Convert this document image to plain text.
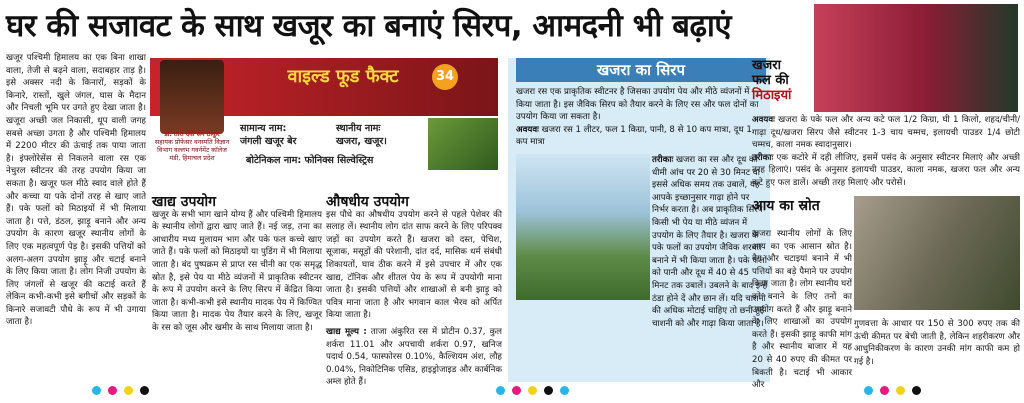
घर की सजावट के साथ खजूर का बनाएं सिरप, आमदनी भी बढ़ाएं
खजूर पश्चिमी हिमालय का एक बिना शाखा वाला, तेजी से बढ़ने वाला, सदाबहार ताड़ है। इसे अक्सर नदी के किनारों, सड़कों के किनारे, रास्तों, खुले जंगल, घास के मैदान और निचली भूमि पर उगते हुए देखा जाता है। खजूरा अच्छी जल निकासी, धूप वाली जगह सबसे अच्छा उगता है और पश्चिमी हिमालय में 2200 मीटर की ऊंचाई तक पाया जाता है। इंफ्लोरेसेंस से निकलने वाला रस एक नेचुरल स्वीटनर की तरह उपयोग किया जा सकता है। खजूर फल मीठे स्वाद वाले होते हैं और कच्चा या पके दोनों तरह से खाए जाते हैं। पके फलों को मिठाइयों में भी मिलाया जाता है। पत्ते, डंठल, झाड़ू बनाने और अन्य उपयोग के कारण खजूर स्थानीय लोगों के लिए एक महत्वपूर्ण पेड़ है। इसकी पत्तियों को अलग-अलग उपयोग झाड़ू और चटाई बनाने के लिए किया जाता है। लोग निजी उपयोग के लिए जंगलों से खजूर की कटाई करते हैं लेकिन कभी-कभी इसे बगीचों और सड़कों के किनारे सजावटी पौधे के रूप में भी उगाया जाता है।
वाइल्ड फूड फैक्ट	34
डॉ. तारा देवी सेन ठाकुर
सहायक प्रोफेसर वनस्पति विज्ञान विभाग वल्लभ गवर्नमेंट कॉलेज मंडी, हिमाचल प्रदेश
सामान्य नाम:
जंगली खजूर बेर
स्थानीय नामः
खजरा, खजूर।
बोटेनिकल नाम: फोनिक्स सिल्वेस्ट्रिस
खाद्य उपयोग
खजूर के सभी भाग खाने योग्य हैं और पश्चिमी हिमालय के स्थानीय लोगों द्वारा खाए जाते हैं। नई जड़, तना का आधारीय मध्य मुलायम भाग और पके फल कच्चे खाए जाते हैं। पके फलों को मिठाइयों या पुडिंग में भी मिलाया जाता है। बंद पुष्पक्रम से प्राप्त रस चीनी का एक समृद्ध स्रोत है, इसे पेय या मीठे व्यंजनों में प्राकृतिक स्वीटनर के रूप में उपयोग करने के लिए सिरप में केंद्रित किया जाता है। कभी-कभी इसे स्थानीय मादक पेय में किण्वित किया जाता है। मादक पेय तैयार करने के लिए, खजूर के रस को जूस और खमीर के साथ मिलाया जाता है।
औषधीय उपयोग
इस पौधे का औषधीय उपयोग करने से पहले पेशेवर की सलाह लें। स्थानीय लोग दांत साफ करने के लिए परिपक्व जड़ों का उपयोग करते हैं। खजरा को दस्त, पेचिश, सूजाक, मसूड़ों की परेशानी, दांत दर्द, मासिक धर्म संबंधी शिकायतों, घाव ठीक करने में इसे उपचार में और एक खाद्य, टॉनिक और शीतल पेय के रूप में उपयोगी माना जाता है। इसकी पत्तियों और शाखाओं से बनी झाड़ू को पवित्र माना जाता है और भगवान काल भैरव को अर्पित किया जाता है।
खाद्य मूल्य : ताजा अंकुरित रस में प्रोटीन 0.37, कुल शर्करा 11.01 और अपचायी शर्करा 0.97, खनिज पदार्थ 0.54, फास्फोरस 0.10%, कैल्शियम अंश, लौह 0.04%, निकोटिनिक एसिड, हाइड्रोजाइड और कार्बनिक अम्ल होते हैं।
खजरा का सिरप
खजरा रस एक प्राकृतिक स्वीटनर है जिसका उपयोग पेय और मीठे व्यंजनों में किया जाता है। इस जैविक सिरप को तैयार करने के लिए रस और फल दोनों का उपयोग किया जा सकता है।
अवयवः खजरा रस 1 लीटर, फल 1 किग्रा, पानी, 8 से 10 कप मात्रा, दूध 1 कप मात्रा
तरीकाः खजरा का रस और दूध को धीमी आंच पर 20 से 30 मिनट या इससे अधिक समय तक उबालें, यह आपके इच्छानुसार गाढ़ा होने पर निर्भर करता है। अब प्राकृतिक सिरप किसी भी पेय या मीठे व्यंजन में उपयोग के लिए तैयार है। खजरा के पके फलों का उपयोग जैविक शरबत बनाने में भी किया जाता है। पके फलों को पानी और दूध में 40 से 45 मिनट तक उबालें। उबलने के बाद इन्हें ठंडा होने दें और छान लें। यदि चाशनी की अधिक मोटाई चाहिए तो छनी हुई चाशनी को और गाढ़ा किया जाता है।
खजरा
फल की
मिठाइयां
अवयवः खजरा के पके फल और अन्य कटे फल 1/2 किग्रा, घी 1 किलो, शहद/चीनी/गाढ़ा दूध/खजरा सिरप जैसे स्वीटनर 1-3 चाय चम्मच, इलायची पाउडर 1/4 छोटी चम्मच, काला नमक स्वादानुसार।
तरीकाः एक कटोरे में दही लीजिए, इसमें पसंद के अनुसार स्वीटनर मिलाएं और अच्छी तरह हिलाएं। पसंद के अनुसार इलायची पाउडर, काला नमक, खजरा फल और अन्य कटे हुए फल डालें। अच्छी तरह मिलाएं और परोसें।
आय का स्रोत
खजरा स्थानीय लोगों के लिए आय का एक आसान स्रोत है। बैग और चटाइयां बनाने में भी पत्तियों का बड़े पैमाने पर उपयोग किया जाता है। लोग स्थानीय घरों को बनाने के लिए तनों का उपयोग करते हैं और झाड़ू बनाने के लिए शाखाओं का उपयोग करते हैं। इसकी झाड़ू काफी मांग है और स्थानीय बाजार में यह 20 से 40 रुपए की कीमत पर बिकती है। चटाई भी आकार और
गुणवत्ता के आधार पर 150 से 300 रुपए तक की ऊंची कीमत पर बेची जाती है, लेकिन शहरीकरण और आधुनिकीकरण के कारण उनकी मांग काफी कम हो गई है।
